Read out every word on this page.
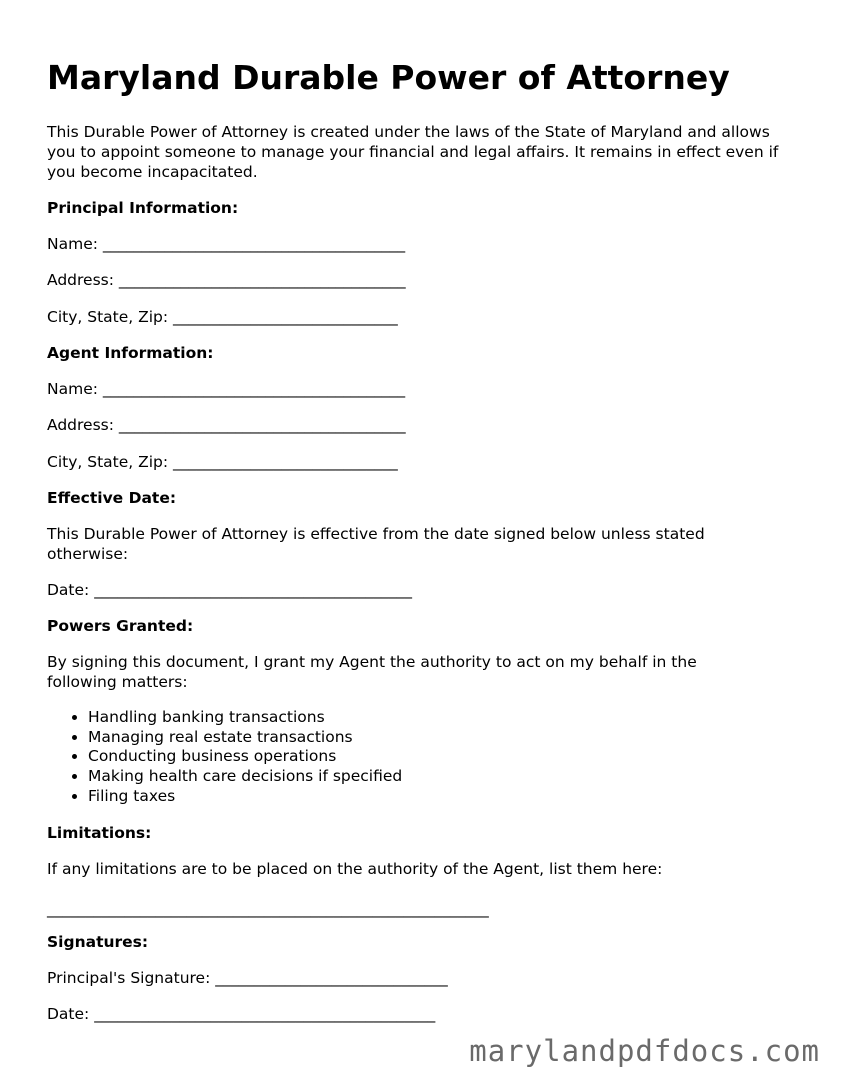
Maryland Durable Power of Attorney

This Durable Power of Attorney is created under the laws of the State of Maryland and allows you to appoint someone to manage your financial and legal affairs. It remains in effect even if you become incapacitated.

Principal Information:

Name: _______________________________________

Address: _____________________________________

City, State, Zip: _____________________________

Agent Information:

Name: _______________________________________

Address: _____________________________________

City, State, Zip: _____________________________

Effective Date:

This Durable Power of Attorney is effective from the date signed below unless stated otherwise:

Date: _________________________________________

Powers Granted:

By signing this document, I grant my Agent the authority to act on my behalf in the following matters:

• Handling banking transactions
• Managing real estate transactions
• Conducting business operations
• Making health care decisions if specified
• Filing taxes

Limitations:

If any limitations are to be placed on the authority of the Agent, list them here:

_________________________________________________________

Signatures:

Principal's Signature: ______________________________

Date: ____________________________________________

marylandpdfdocs.com
